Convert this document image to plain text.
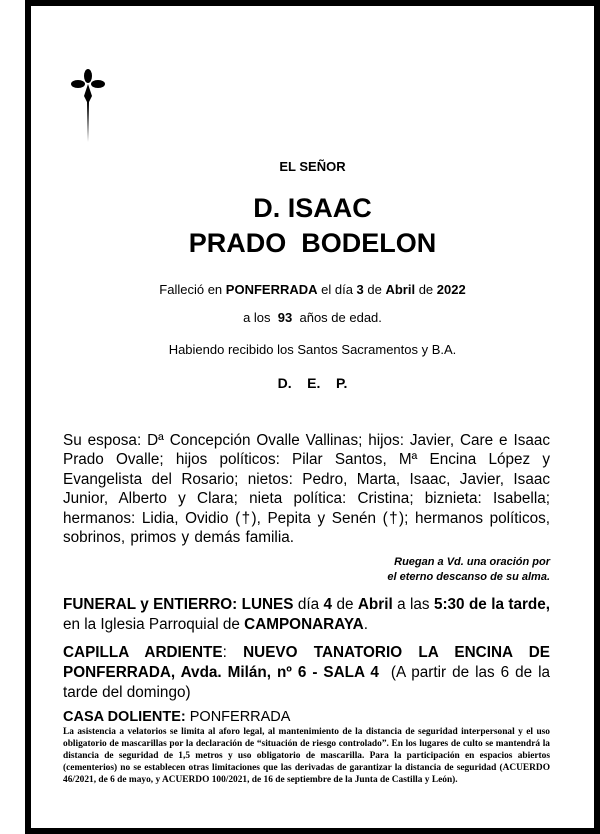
EL SEÑOR
D. ISAAC
PRADO  BODELON
Falleció en PONFERRADA el día 3 de Abril de 2022
a los  93  años de edad.
Habiendo recibido los Santos Sacramentos y B.A.
D.    E.    P.
Su esposa: Dª Concepción Ovalle Vallinas; hijos: Javier, Care e Isaac Prado Ovalle; hijos políticos: Pilar Santos, Mª Encina López y Evangelista del Rosario; nietos: Pedro, Marta, Isaac, Javier, Isaac Junior, Alberto y Clara; nieta política: Cristina; biznieta: Isabella; hermanos: Lidia, Ovidio (†), Pepita y Senén (†); hermanos políticos, sobrinos, primos y demás familia.
Ruegan a Vd. una oración por
el eterno descanso de su alma.
FUNERAL y ENTIERRO: LUNES día 4 de Abril a las 5:30 de la tarde, en la Iglesia Parroquial de CAMPONARAYA.
CAPILLA ARDIENTE: NUEVO TANATORIO LA ENCINA DE PONFERRADA, Avda. Milán, nº 6 - SALA 4  (A partir de las 6 de la tarde del domingo)
CASA DOLIENTE: PONFERRADA
La asistencia a velatorios se limita al aforo legal, al mantenimiento de la distancia de seguridad interpersonal y el uso obligatorio de mascarillas por la declaración de “situación de riesgo controlado”. En los lugares de culto se mantendrá la distancia de seguridad de 1,5 metros y uso obligatorio de mascarilla. Para la participación en espacios abiertos (cementerios) no se establecen otras limitaciones que las derivadas de garantizar la distancia de seguridad (ACUERDO 46/2021, de 6 de mayo, y ACUERDO 100/2021, de 16 de septiembre de la Junta de Castilla y León).
